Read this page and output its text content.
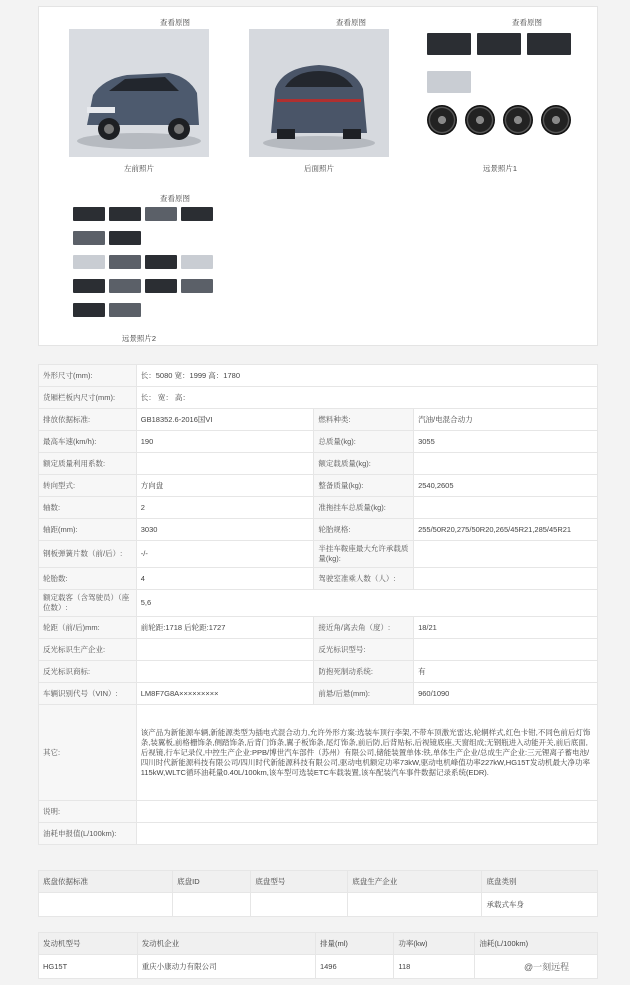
查看原图
左前照片
查看原图
后面照片
查看原图
远景照片1
查看原图
远景照片2
外形尺寸(mm):	长：5080 宽：1999 高：1780		
货厢栏板内尺寸(mm):	长： 宽： 高：		
排放依据标准:	GB18352.6-2016国VI	燃料种类:	汽油/电混合动力
最高车速(km/h):	190	总质量(kg):	3055
额定质量利用系数:		额定载质量(kg):	
转向型式:	方向盘	整备质量(kg):	2540,2605
轴数:	2	准拖挂车总质量(kg):	
轴距(mm):	3030	轮胎规格:	255/50R20,275/50R20,265/45R21,285/45R21
钢板弹簧片数（前/后）:	-/-	半挂车鞍座最大允许承载质量(kg):	
轮胎数:	4	驾驶室准乘人数（人）:	
额定载客（含驾驶员）（座位数）:	5,6		
轮距（前/后)mm:	前轮距:1718 后轮距:1727	接近角/离去角（度）:	18/21
反光标识生产企业:		反光标识型号:	
反光标识商标:		防抱死制动系统:	有
车辆识别代号（VIN）:	LM8F7G8A×××××××××	前悬/后悬(mm):	960/1090
其它:	该产品为新能源车辆,新能源类型为插电式混合动力,允许外形方案:选装车顶行李架,不带车顶激光雷达,轮辋样式,红色卡钳,不同色前后灯饰条,装翼板,前格栅饰条,侧踏饰条,后背门饰条,翼子板饰条,尾灯饰条,前后防,后背贴标,后视镜底座,天窗组成;无钢瓶进入动能开关,前后底面,后视镜,行车记录仪,中控生产企业:PPB/博世汽车部件（苏州）有限公司,储能装置单体:铁,单体生产企业/总成生产企业:三元锂离子蓄电池/四川时代新能源科技有限公司/四川时代新能源科技有限公司,驱动电机额定功率73kW,驱动电机峰值功率227kW,HG15T发动机最大净功率115kW,WLTC循环油耗量0.40L/100km,该车型可选装ETC车载装置,该车配装汽车事件数据记录系统(EDR).		
说明:			
油耗申报值(L/100km):			
底盘依据标准	底盘ID	底盘型号	底盘生产企业	底盘类别
				承载式车身
发动机型号	发动机企业	排量(ml)	功率(kw)	油耗(L/100km)
HG15T	重庆小康动力有限公司	1496	118		@一刻远程
